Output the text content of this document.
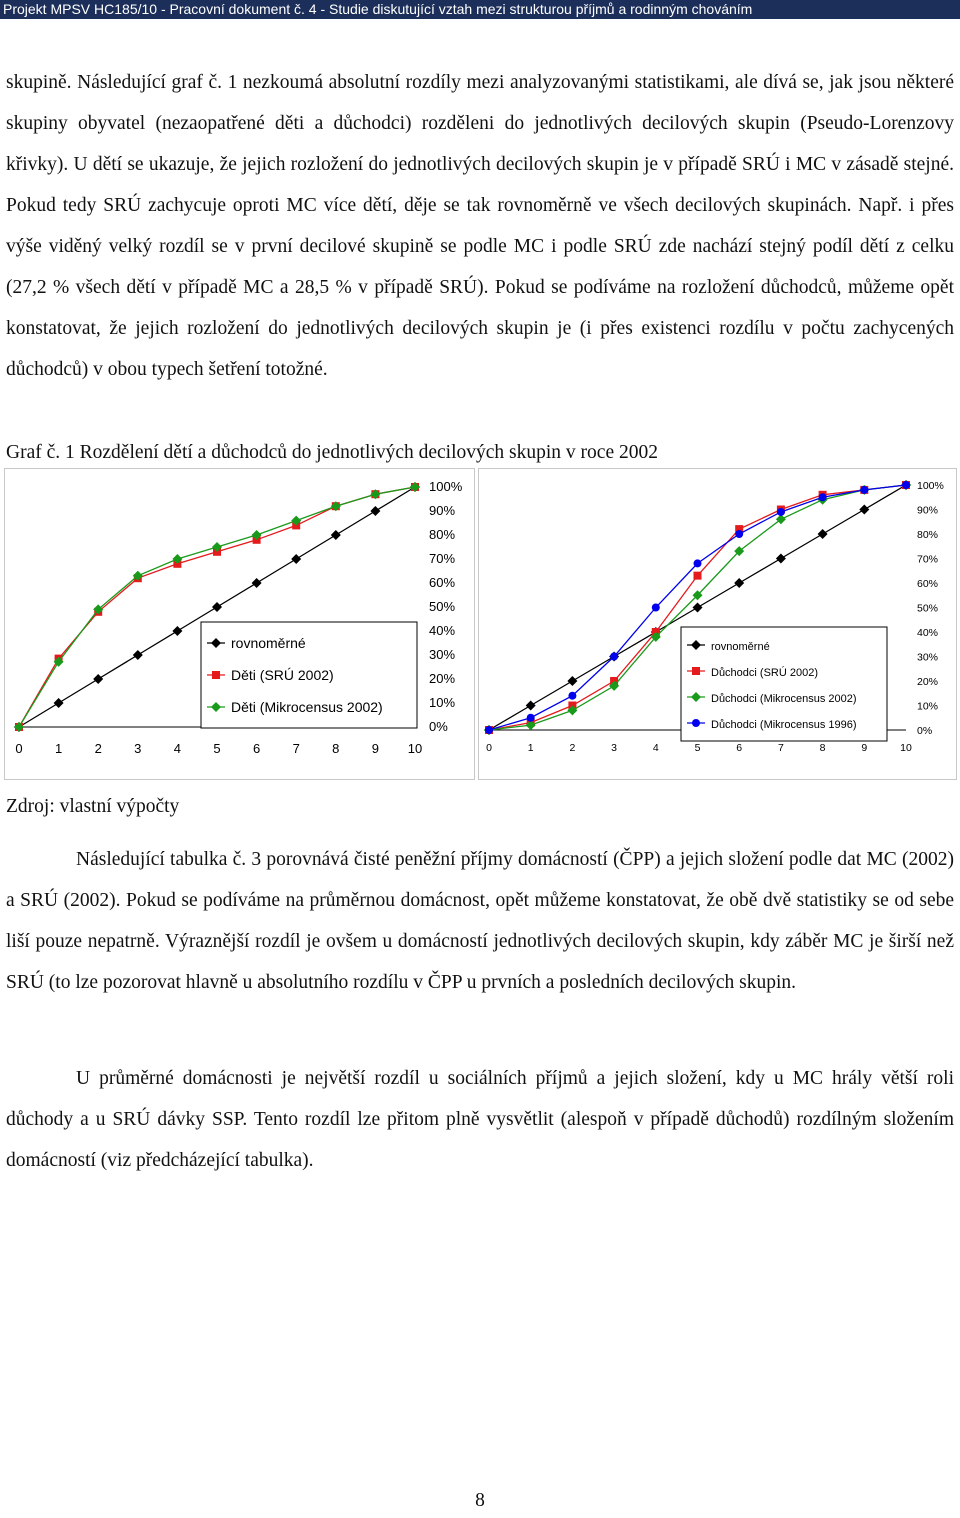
Projekt MPSV HC185/10 - Pracovní dokument č. 4 - Studie diskutující vztah mezi strukturou příjmů a rodinným chováním

skupině. Následující graf č. 1 nezkoumá absolutní rozdíly mezi analyzovanými statistikami, ale dívá se, jak jsou některé skupiny obyvatel (nezaopatřené děti a důchodci) rozděleni do jednotlivých decilových skupin (Pseudo-Lorenzovy křivky). U dětí se ukazuje, že jejich rozložení do jednotlivých decilových skupin je v případě SRÚ i MC v zásadě stejné. Pokud tedy SRÚ zachycuje oproti MC více dětí, děje se tak rovnoměrně ve všech decilových skupinách. Např. i přes výše viděný velký rozdíl se v první decilové skupině se podle MC i podle SRÚ zde nachází stejný podíl dětí z celku (27,2 % všech dětí v případě MC a 28,5 % v případě SRÚ). Pokud se podíváme na rozložení důchodců, můžeme opět konstatovat, že jejich rozložení do jednotlivých decilových skupin je (i přes existenci rozdílu v počtu zachycených důchodců) v obou typech šetření totožné.

Graf č. 1 Rozdělení dětí a důchodců do jednotlivých decilových skupin v roce 2002
0 1 2 3 4 5 6 7 8 9 10
0%
10%
20%
30%
40%
50%
60%
70%
80%
90%
100%
rovnoměrné
Děti (SRÚ 2002)
Děti (Mikrocensus 2002)
0	1	2	3	4	5	6	7	8	9	10
0%
10%
20%
30%
40%
50%
60%
70%
80%
90%
100%
rovnoměrné
Důchodci (SRÚ 2002)
Důchodci (Mikrocensus 2002)
Důchodci (Mikrocensus 1996)
Zdroj: vlastní výpočty

Následující tabulka č. 3 porovnává čisté peněžní příjmy domácností (ČPP) a jejich složení podle dat MC (2002) a SRÚ (2002). Pokud se podíváme na průměrnou domácnost, opět můžeme konstatovat, že obě dvě statistiky se od sebe liší pouze nepatrně. Výraznější rozdíl je ovšem u domácností jednotlivých decilových skupin, kdy záběr MC je širší než SRÚ (to lze pozorovat hlavně u absolutního rozdílu v ČPP u prvních a posledních decilových skupin.

U průměrné domácnosti je největší rozdíl u sociálních příjmů a jejich složení, kdy u MC hrály větší roli důchody a u SRÚ dávky SSP. Tento rozdíl lze přitom plně vysvětlit (alespoň v případě důchodů) rozdílným složením domácností (viz předcházející tabulka).

8
